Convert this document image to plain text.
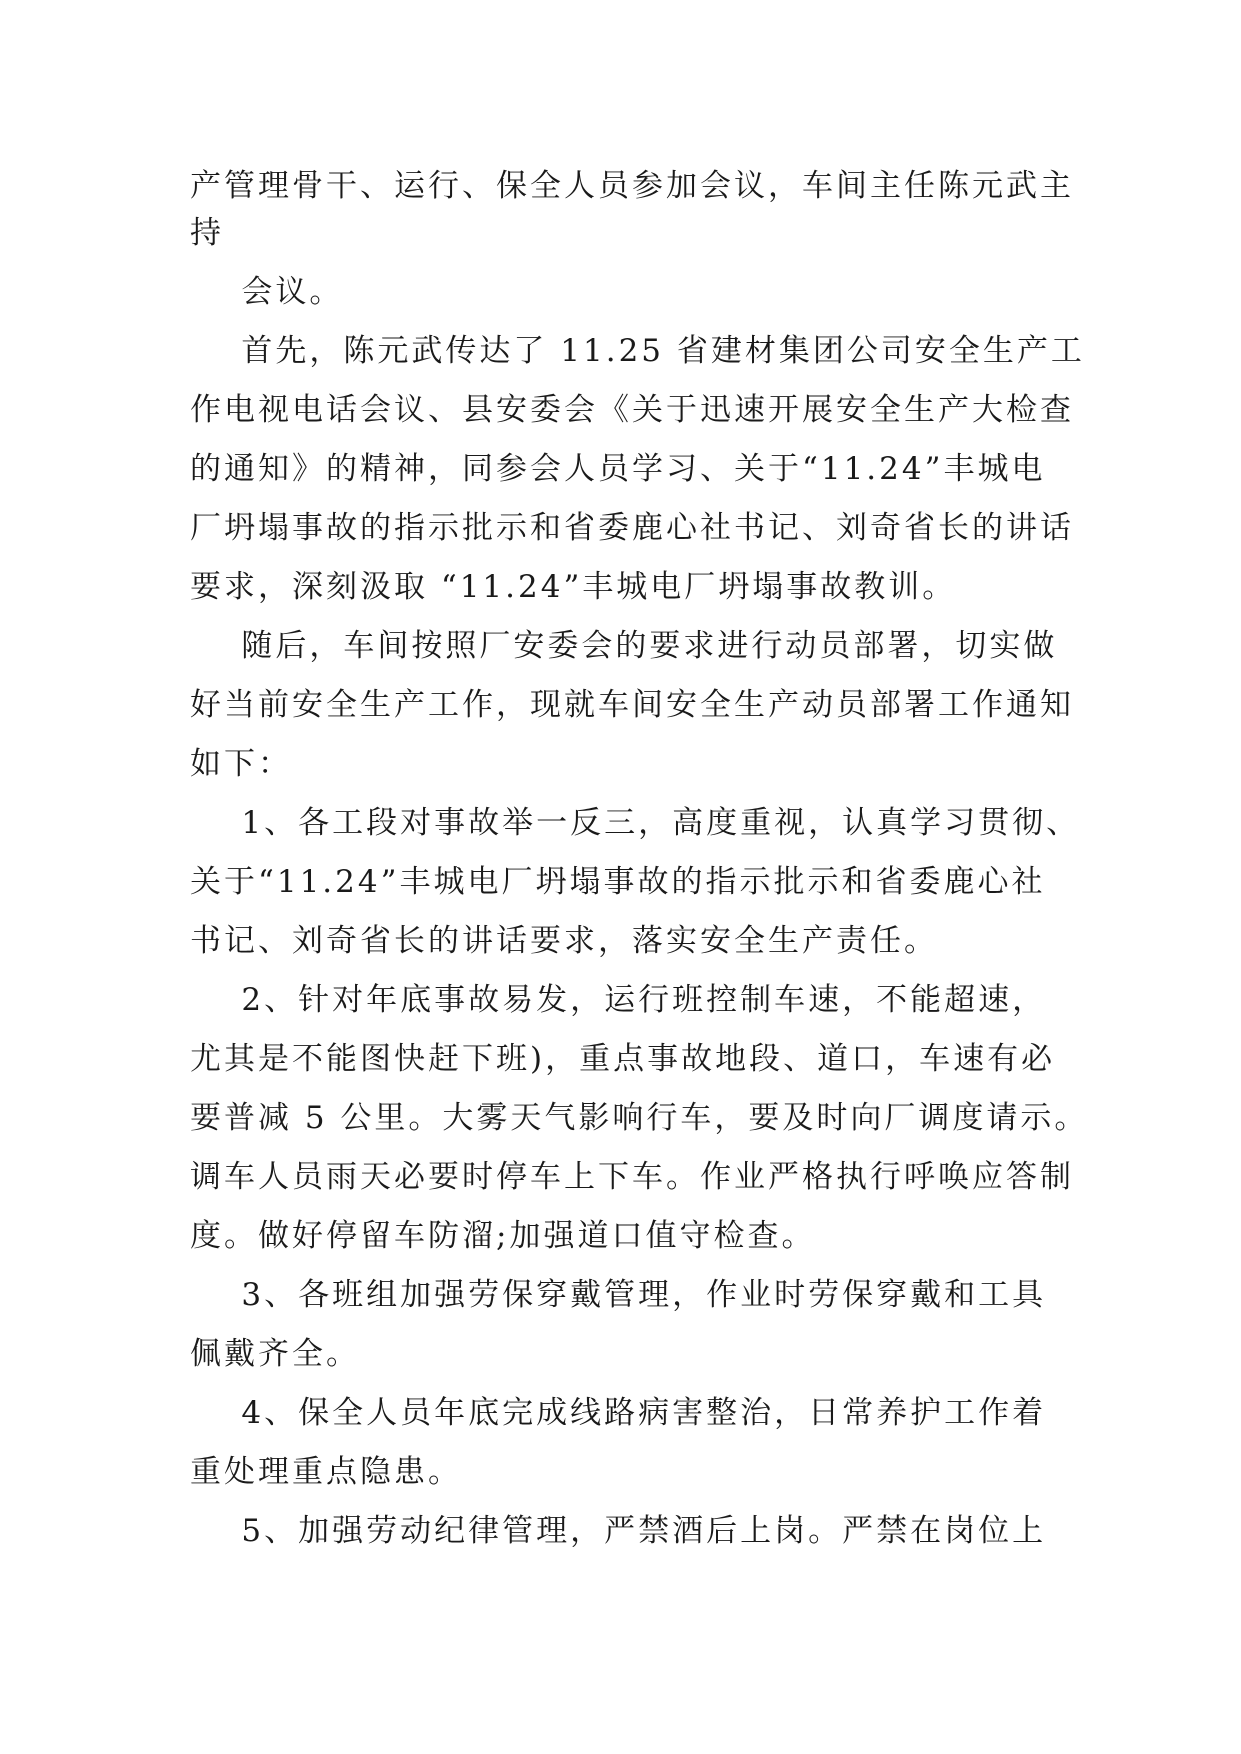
产管理骨干、运行、保全人员参加会议，车间主任陈元武主
持
会议。
首先，陈元武传达了 11.25 省建材集团公司安全生产工
作电视电话会议、县安委会《关于迅速开展安全生产大检查
的通知》的精神，同参会人员学习、关于“11.24”丰城电
厂坍塌事故的指示批示和省委鹿心社书记、刘奇省长的讲话
要求，深刻汲取 “11.24”丰城电厂坍塌事故教训。
随后，车间按照厂安委会的要求进行动员部署，切实做
好当前安全生产工作，现就车间安全生产动员部署工作通知
如下：
1、各工段对事故举一反三，高度重视，认真学习贯彻、
关于“11.24”丰城电厂坍塌事故的指示批示和省委鹿心社
书记、刘奇省长的讲话要求，落实安全生产责任。
2、针对年底事故易发，运行班控制车速，不能超速，
尤其是不能图快赶下班)，重点事故地段、道口，车速有必
要普减 5 公里。大雾天气影响行车，要及时向厂调度请示。
调车人员雨天必要时停车上下车。作业严格执行呼唤应答制
度。做好停留车防溜;加强道口值守检查。
3、各班组加强劳保穿戴管理，作业时劳保穿戴和工具
佩戴齐全。
4、保全人员年底完成线路病害整治，日常养护工作着
重处理重点隐患。
5、加强劳动纪律管理，严禁酒后上岗。严禁在岗位上
